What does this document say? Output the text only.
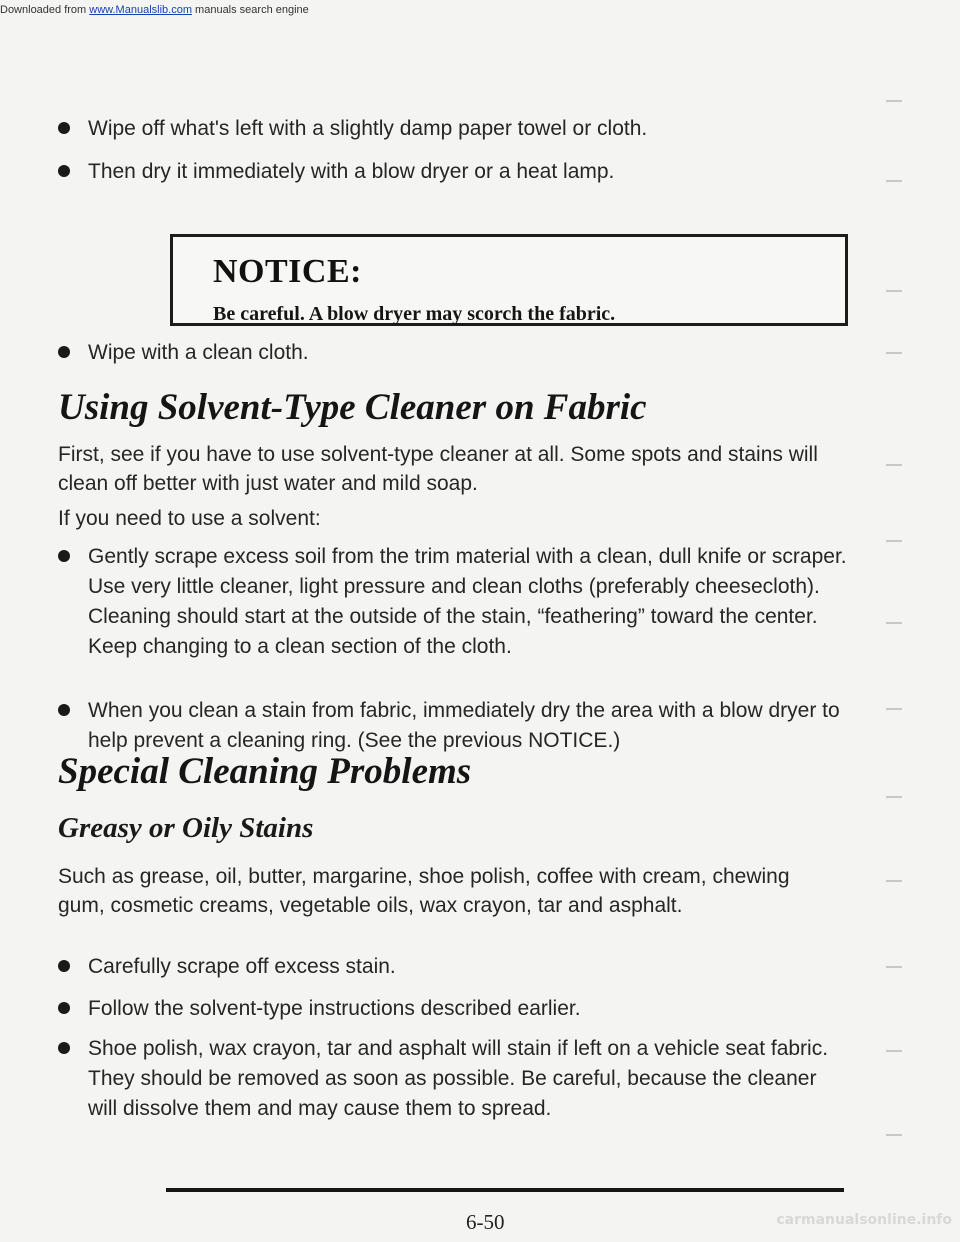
Downloaded from www.Manualslib.com manuals search engine
Wipe off what's left with a slightly damp paper towel or cloth.
Then dry it immediately with a blow dryer or a heat lamp.
NOTICE:
Be careful. A blow dryer may scorch the fabric.
Wipe with a clean cloth.
Using Solvent-Type Cleaner on Fabric
First, see if you have to use solvent-type cleaner at all. Some spots and stains will clean off better with just water and mild soap.
If you need to use a solvent:
Gently scrape excess soil from the trim material with a clean, dull knife or scraper. Use very little cleaner, light pressure and clean cloths (preferably cheesecloth). Cleaning should start at the outside of the stain, “feathering” toward the center. Keep changing to a clean section of the cloth.
When you clean a stain from fabric, immediately dry the area with a blow dryer to help prevent a cleaning ring. (See the previous NOTICE.)
Special Cleaning Problems
Greasy or Oily Stains
Such as grease, oil, butter, margarine, shoe polish, coffee with cream, chewing gum, cosmetic creams, vegetable oils, wax crayon, tar and asphalt.
Carefully scrape off excess stain.
Follow the solvent-type instructions described earlier.
Shoe polish, wax crayon, tar and asphalt will stain if left on a vehicle seat fabric. They should be removed as soon as possible. Be careful, because the cleaner will dissolve them and may cause them to spread.
6-50	carmanualsonline.info
